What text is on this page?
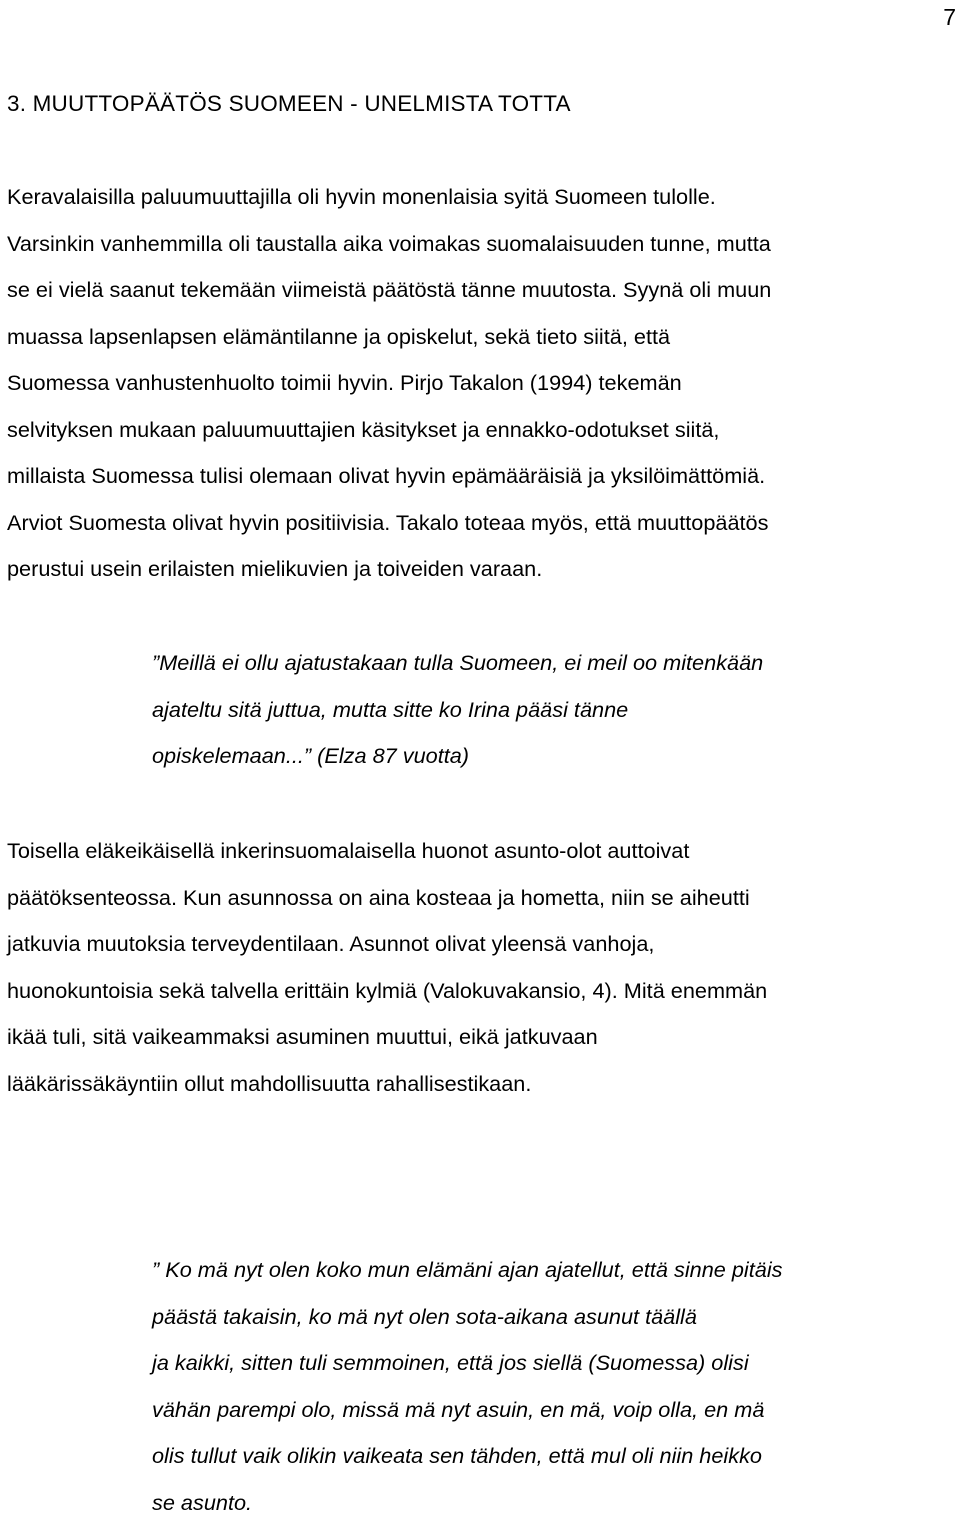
7
3. MUUTTOPÄÄTÖS SUOMEEN - UNELMISTA TOTTA
Keravalaisilla paluumuuttajilla oli hyvin monenlaisia syitä Suomeen tulolle.
Varsinkin vanhemmilla oli taustalla aika voimakas suomalaisuuden tunne, mutta
se ei vielä saanut tekemään viimeistä päätöstä tänne muutosta. Syynä oli muun
muassa lapsenlapsen elämäntilanne ja opiskelut, sekä tieto siitä, että
Suomessa vanhustenhuolto toimii hyvin. Pirjo Takalon (1994) tekemän
selvityksen mukaan paluumuuttajien käsitykset ja ennakko-odotukset siitä,
millaista Suomessa tulisi olemaan olivat hyvin epämääräisiä ja yksilöimättömiä.
Arviot Suomesta olivat hyvin positiivisia. Takalo toteaa myös, että muuttopäätös
perustui usein erilaisten mielikuvien ja toiveiden varaan.
”Meillä ei ollu ajatustakaan tulla Suomeen, ei meil oo mitenkään
ajateltu sitä juttua, mutta sitte ko Irina pääsi tänne
opiskelemaan...” (Elza 87 vuotta)
Toisella eläkeikäisellä inkerinsuomalaisella huonot asunto-olot auttoivat
päätöksenteossa. Kun asunnossa on aina kosteaa ja hometta, niin se aiheutti
jatkuvia muutoksia terveydentilaan. Asunnot olivat yleensä vanhoja,
huonokuntoisia sekä talvella erittäin kylmiä (Valokuvakansio, 4). Mitä enemmän
ikää tuli, sitä vaikeammaksi asuminen muuttui, eikä jatkuvaan
lääkärissäkäyntiin ollut mahdollisuutta rahallisestikaan.
” Ko mä nyt olen koko mun elämäni ajan ajatellut, että sinne pitäis
päästä takaisin, ko mä nyt olen sota-aikana asunut täällä
ja kaikki, sitten tuli semmoinen, että jos siellä (Suomessa) olisi
vähän parempi olo, missä mä nyt asuin, en mä, voip olla, en mä
olis tullut vaik olikin vaikeata sen tähden, että mul oli niin heikko
se asunto.
